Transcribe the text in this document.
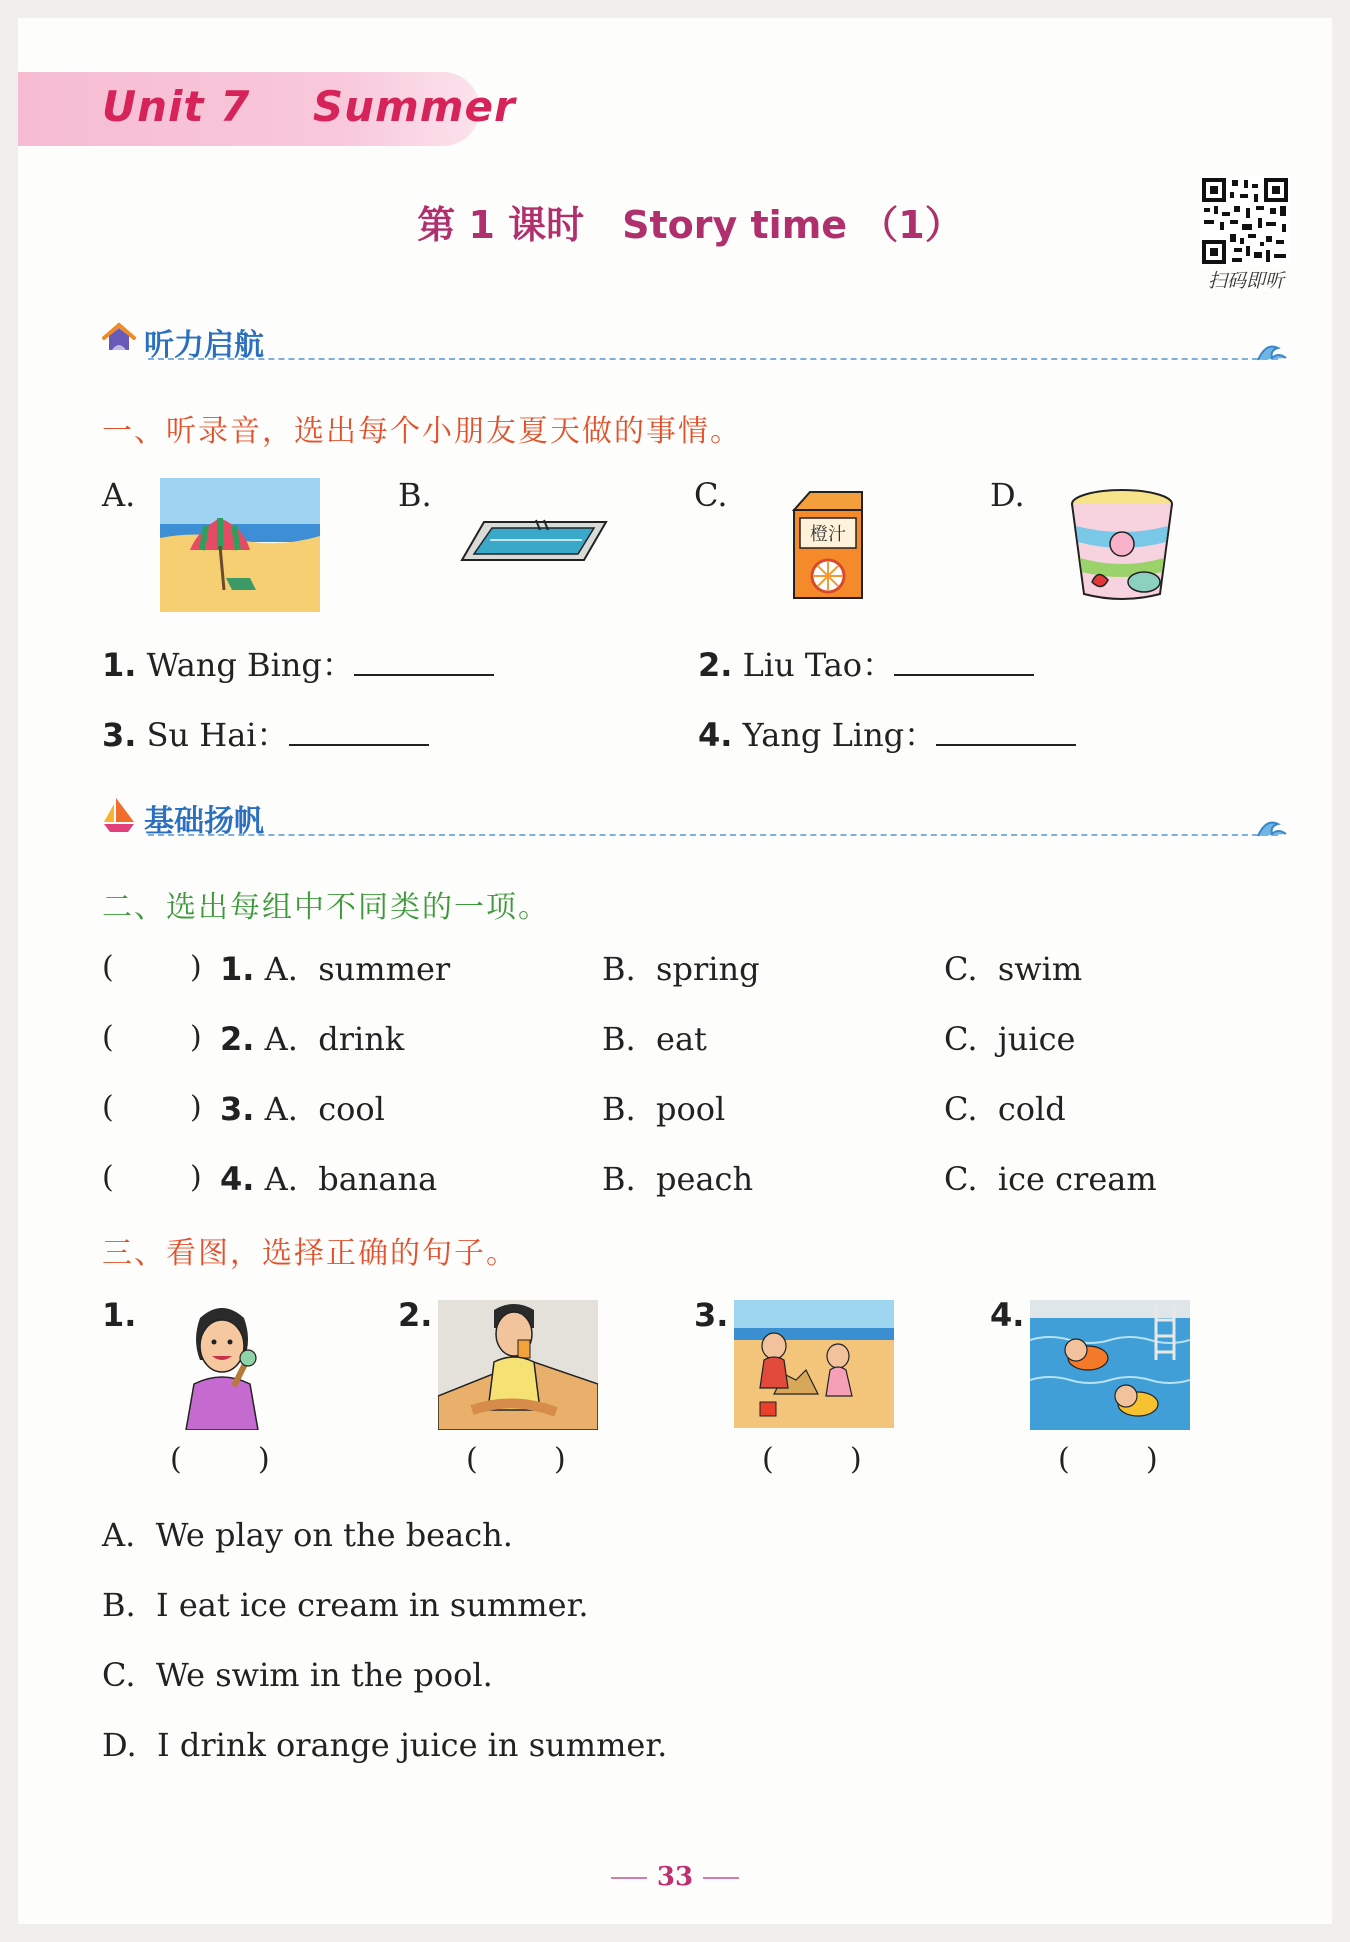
Unit 7 Summer
第 1 课时　Story time （1）
扫码即听
听力启航
一、听录音，选出每个小朋友夏天做的事情。
A.	B.	C.
橙汁
D.
1. Wang Bing：	2. Liu Tao：
3. Su Hai：	4. Yang Ling：
基础扬帆
二、选出每组中不同类的一项。
(        ) 1. A.  summer	B.  spring	C.  swim
(        ) 2. A.  drink	B.  eat	C.  juice
(        ) 3. A.  cool	B.  pool	C.  cold
(        ) 4. A.  banana	B.  peach	C.  ice cream
三、看图，选择正确的句子。
1.	2.	3.	4.
(        )	(        )	(        )	(        )
A.  We play on the beach.
B.  I eat ice cream in summer.
C.  We swim in the pool.
D.  I drink orange juice in summer.
33
